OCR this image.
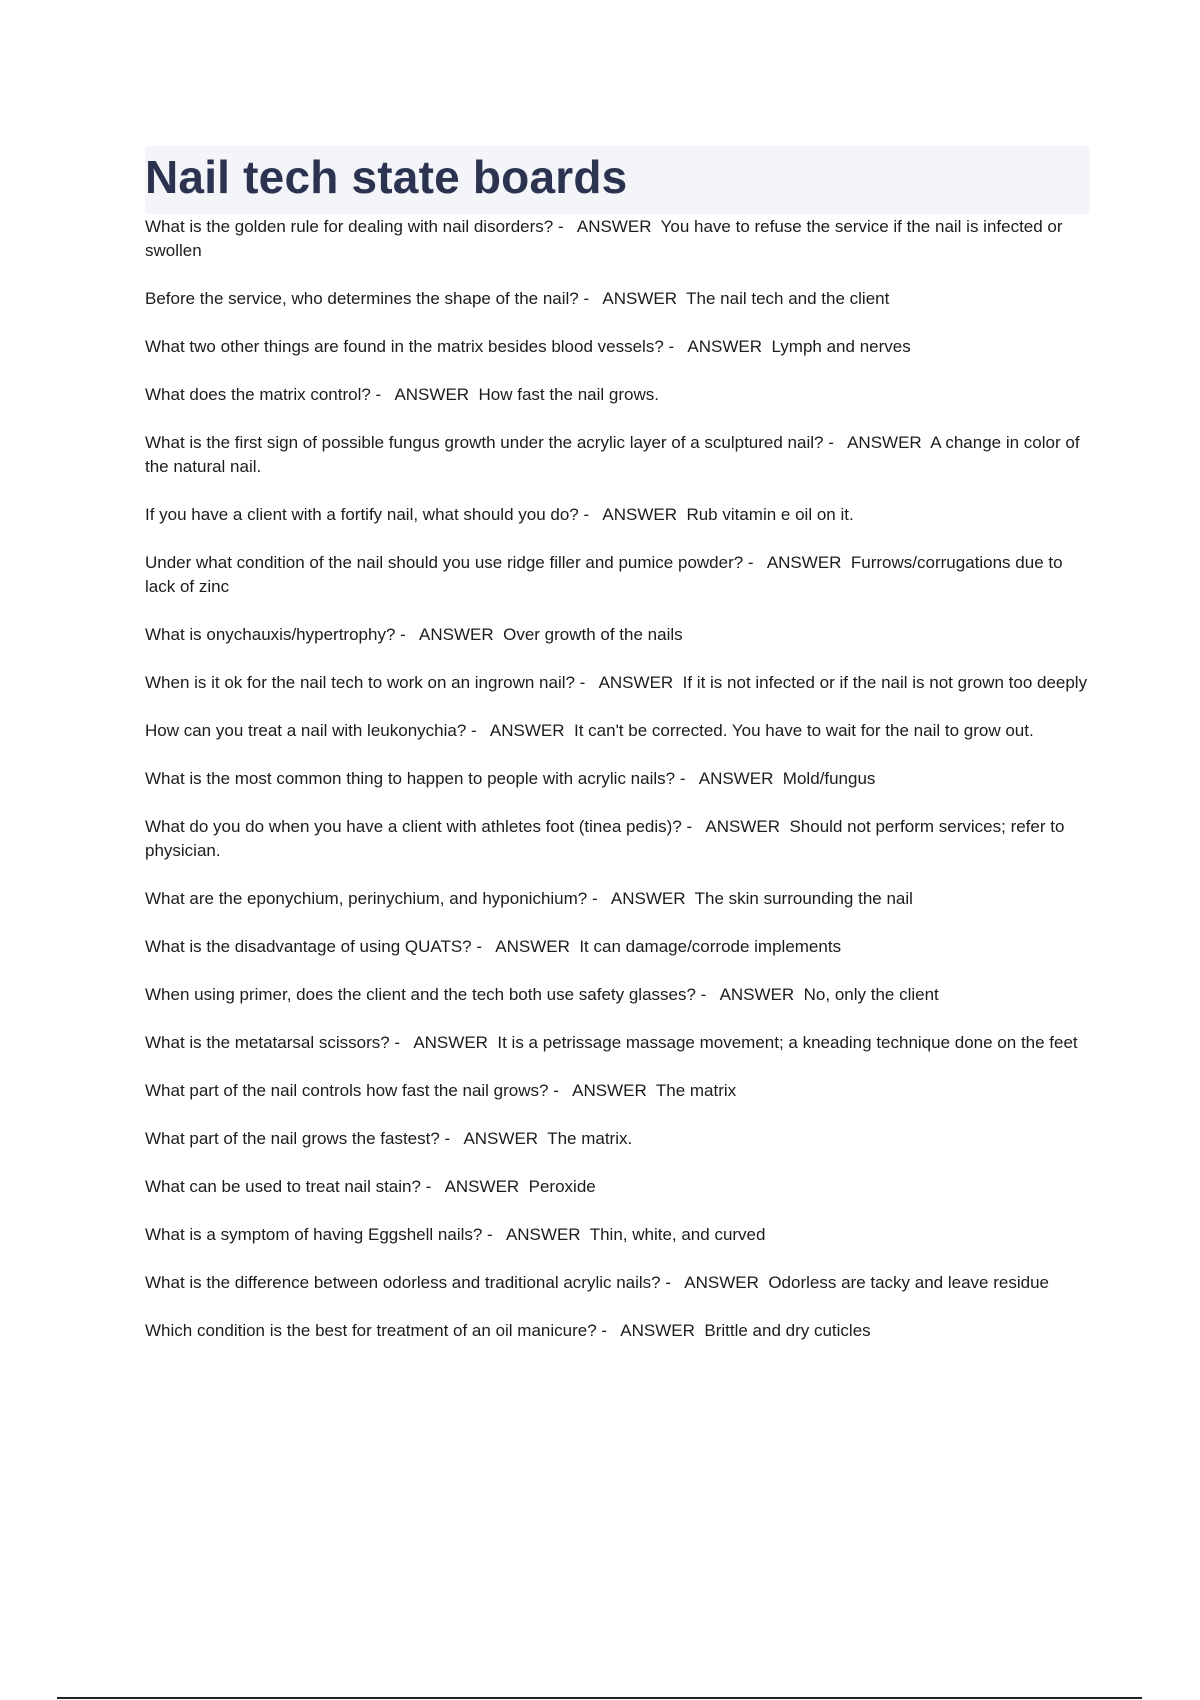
Nail tech state boards

What is the golden rule for dealing with nail disorders? -   ANSWER  You have to refuse the service if the nail is infected or swollen

Before the service, who determines the shape of the nail? -   ANSWER  The nail tech and the client

What two other things are found in the matrix besides blood vessels? -   ANSWER  Lymph and nerves

What does the matrix control? -   ANSWER  How fast the nail grows.

What is the first sign of possible fungus growth under the acrylic layer of a sculptured nail? -   ANSWER  A change in color of the natural nail.

If you have a client with a fortify nail, what should you do? -   ANSWER  Rub vitamin e oil on it.

Under what condition of the nail should you use ridge filler and pumice powder? -   ANSWER  Furrows/corrugations due to lack of zinc

What is onychauxis/hypertrophy? -   ANSWER  Over growth of the nails

When is it ok for the nail tech to work on an ingrown nail? -   ANSWER  If it is not infected or if the nail is not grown too deeply

How can you treat a nail with leukonychia? -   ANSWER  It can't be corrected. You have to wait for the nail to grow out.

What is the most common thing to happen to people with acrylic nails? -   ANSWER  Mold/fungus

What do you do when you have a client with athletes foot (tinea pedis)? -   ANSWER  Should not perform services; refer to physician.

What are the eponychium, perinychium, and hyponichium? -   ANSWER  The skin surrounding the nail

What is the disadvantage of using QUATS? -   ANSWER  It can damage/corrode implements

When using primer, does the client and the tech both use safety glasses? -   ANSWER  No, only the client

What is the metatarsal scissors? -   ANSWER  It is a petrissage massage movement; a kneading technique done on the feet

What part of the nail controls how fast the nail grows? -   ANSWER  The matrix

What part of the nail grows the fastest? -   ANSWER  The matrix.

What can be used to treat nail stain? -   ANSWER  Peroxide

What is a symptom of having Eggshell nails? -   ANSWER  Thin, white, and curved

What is the difference between odorless and traditional acrylic nails? -   ANSWER  Odorless are tacky and leave residue

Which condition is the best for treatment of an oil manicure? -   ANSWER  Brittle and dry cuticles
